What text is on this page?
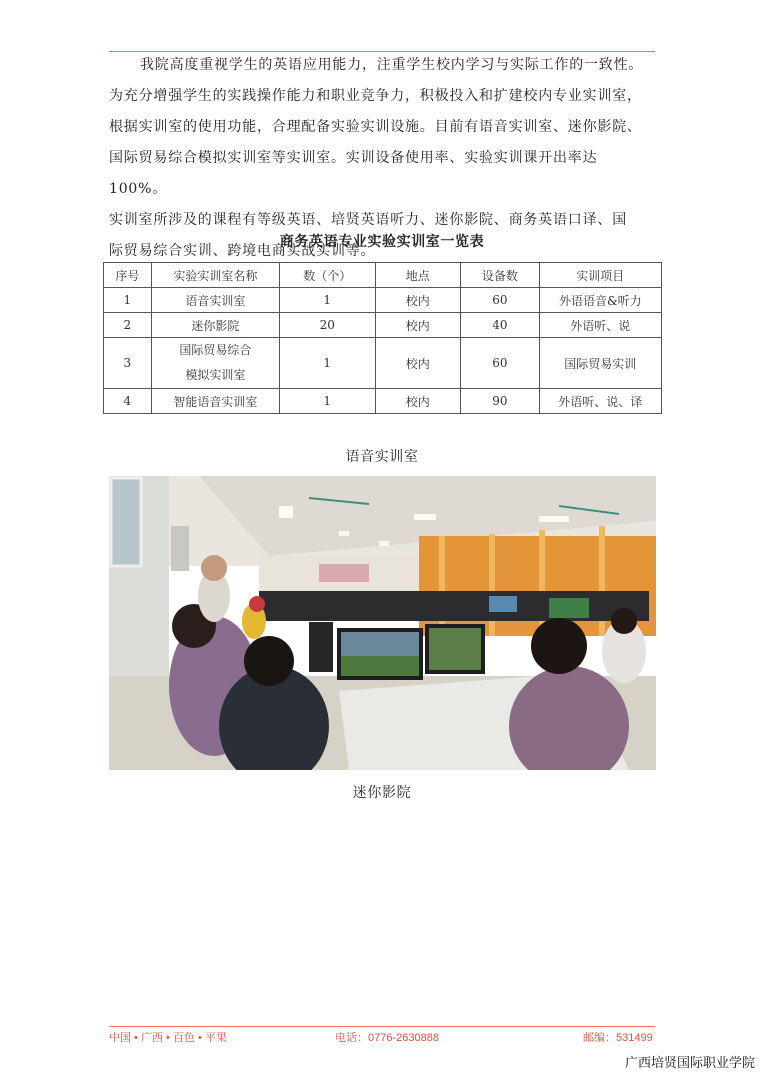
我院高度重视学生的英语应用能力，注重学生校内学习与实际工作的一致性。
为充分增强学生的实践操作能力和职业竞争力，积极投入和扩建校内专业实训室，
根据实训室的使用功能，合理配备实验实训设施。目前有语音实训室、迷你影院、
国际贸易综合模拟实训室等实训室。实训设备使用率、实验实训课开出率达 100%。
实训室所涉及的课程有等级英语、培贤英语听力、迷你影院、商务英语口译、国
际贸易综合实训、跨境电商实战实训等。

商务英语专业实验实训室一览表
序号	实验实训室名称	数（个）	地点	设备数	实训项目
1	语音实训室	1	校内	60	外语语音&听力
2	迷你影院	20	校内	40	外语听、说
3	国际贸易综合
模拟实训室	1	校内	60	国际贸易实训
4	智能语音实训室	1	校内	90	外语听、说、译
语音实训室
迷你影院
中国 • 广西 • 百色 • 平果	电话：0776-2630888	邮编：531499
广西培贤国际职业学院
